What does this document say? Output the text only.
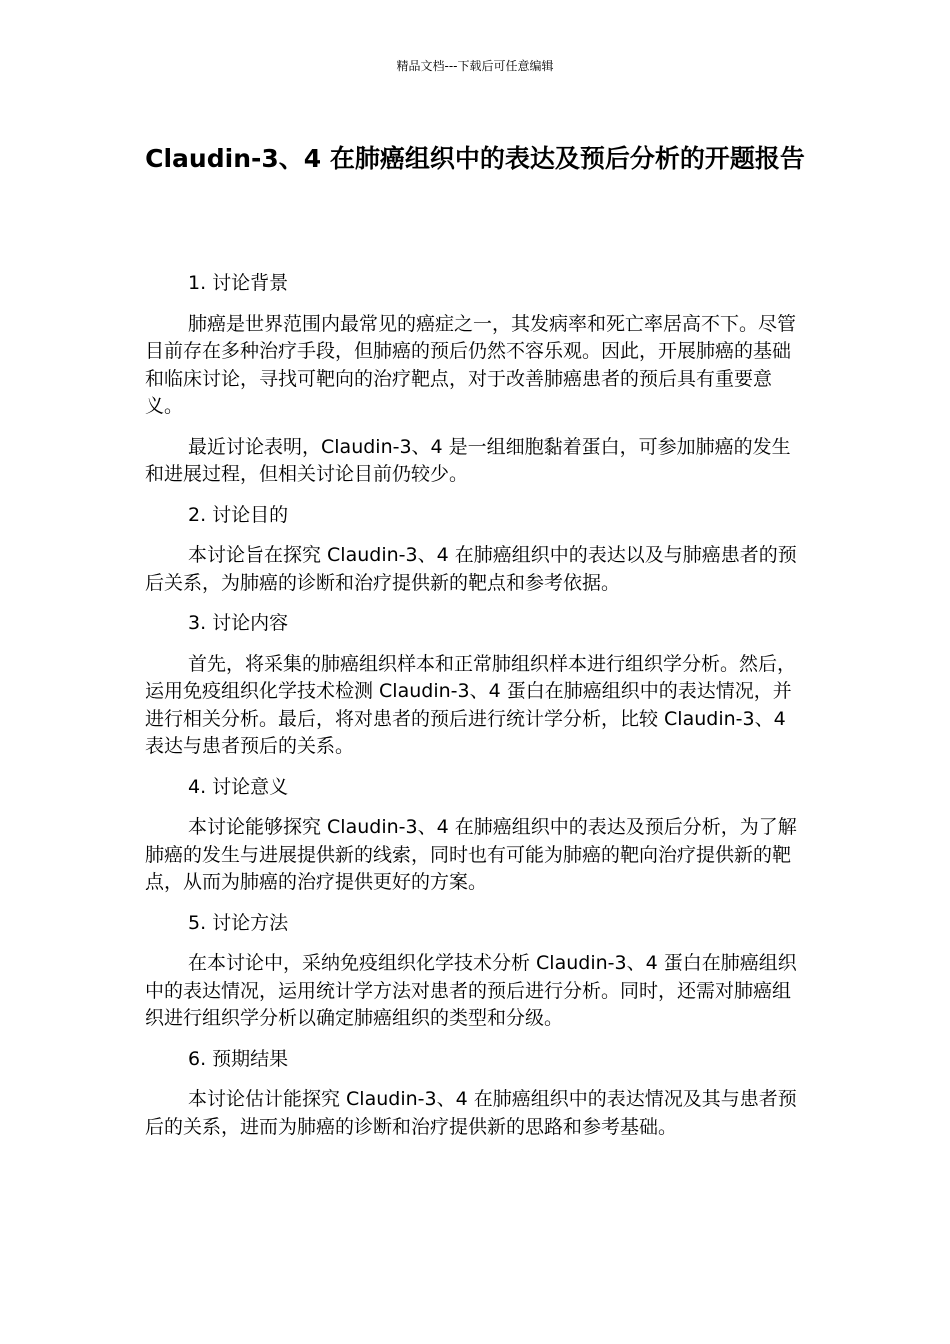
精品文档---下载后可任意编辑
Claudin-3、4 在肺癌组织中的表达及预后分析的开题报告

1. 讨论背景

肺癌是世界范围内最常见的癌症之一，其发病率和死亡率居高不下。尽管目前存在多种治疗手段，但肺癌的预后仍然不容乐观。因此，开展肺癌的基础和临床讨论，寻找可靶向的治疗靶点，对于改善肺癌患者的预后具有重要意义。

最近讨论表明，Claudin-3、4 是一组细胞黏着蛋白，可参加肺癌的发生和进展过程，但相关讨论目前仍较少。

2. 讨论目的

本讨论旨在探究 Claudin-3、4 在肺癌组织中的表达以及与肺癌患者的预后关系，为肺癌的诊断和治疗提供新的靶点和参考依据。

3. 讨论内容

首先，将采集的肺癌组织样本和正常肺组织样本进行组织学分析。然后，运用免疫组织化学技术检测 Claudin-3、4 蛋白在肺癌组织中的表达情况，并进行相关分析。最后，将对患者的预后进行统计学分析，比较 Claudin-3、4 表达与患者预后的关系。

4. 讨论意义

本讨论能够探究 Claudin-3、4 在肺癌组织中的表达及预后分析，为了解肺癌的发生与进展提供新的线索，同时也有可能为肺癌的靶向治疗提供新的靶点，从而为肺癌的治疗提供更好的方案。

5. 讨论方法

在本讨论中，采纳免疫组织化学技术分析 Claudin-3、4 蛋白在肺癌组织中的表达情况，运用统计学方法对患者的预后进行分析。同时，还需对肺癌组织进行组织学分析以确定肺癌组织的类型和分级。

6. 预期结果

本讨论估计能探究 Claudin-3、4 在肺癌组织中的表达情况及其与患者预后的关系，进而为肺癌的诊断和治疗提供新的思路和参考基础。
